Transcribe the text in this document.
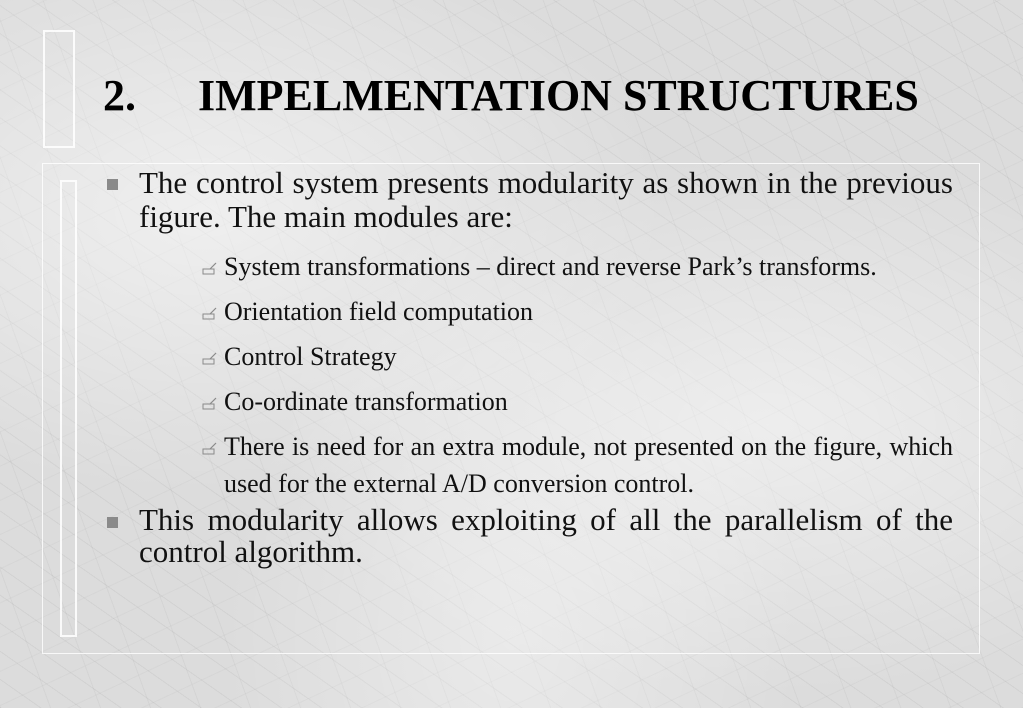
2. IMPELMENTATION STRUCTURES
The control system presents modularity as shown in the previous figure. The main modules are:
System transformations – direct and reverse Park’s transforms.
Orientation field computation
Control Strategy
Co-ordinate transformation
There is need for an extra module, not presented on the figure, which used for the external A/D conversion control.
This modularity allows exploiting of all the parallelism of the control algorithm.
